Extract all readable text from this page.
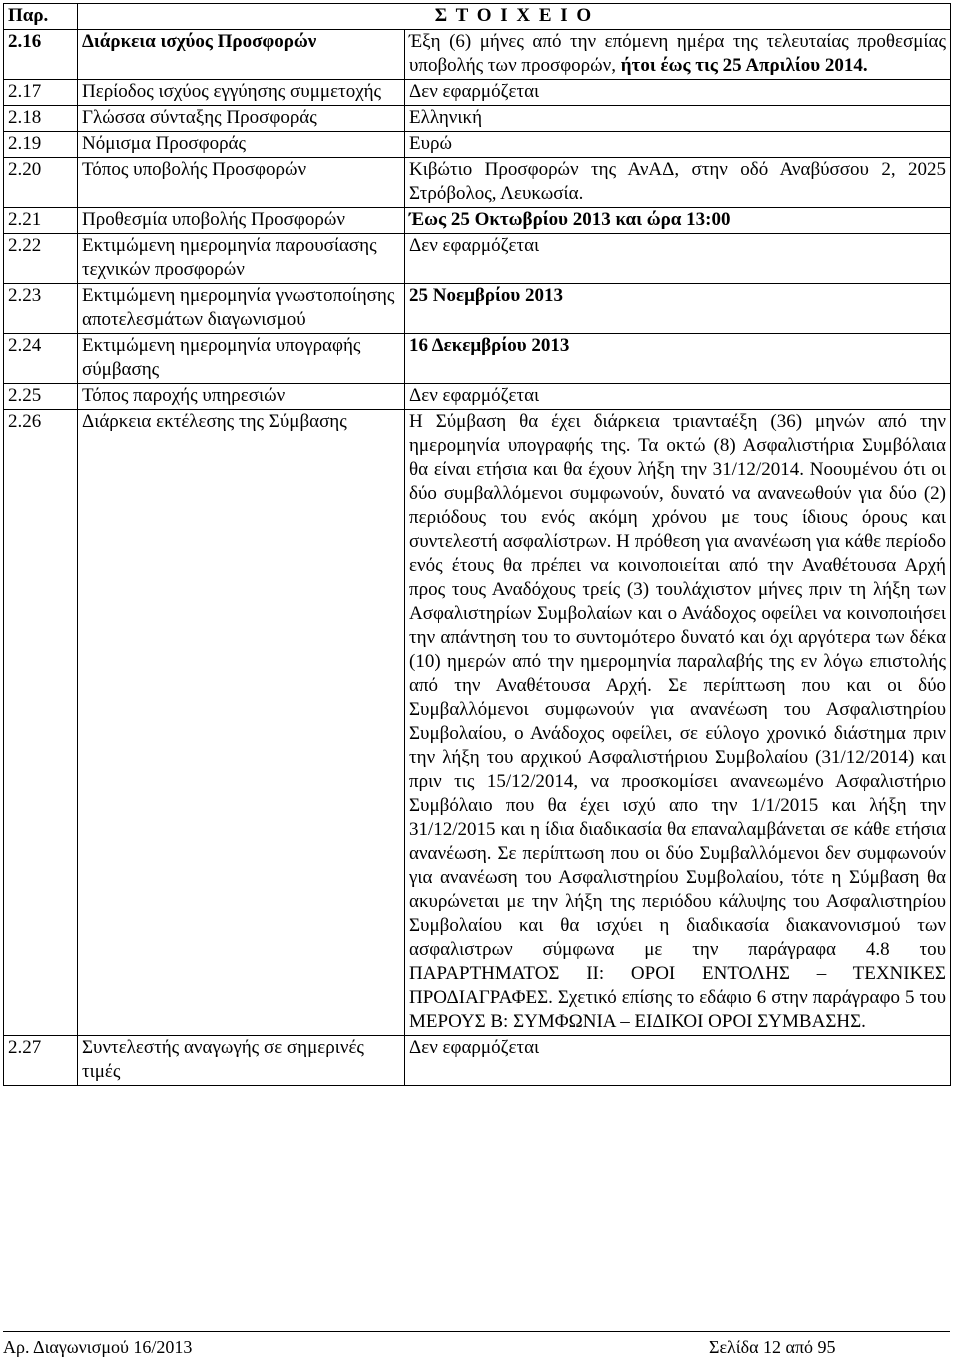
Παρ.	Σ Τ Ο Ι Χ Ε Ι Ο	
2.16	Διάρκεια ισχύος Προσφορών	Έξη (6) μήνες από την επόμενη ημέρα της τελευταίας προθεσμίας υποβολής των προσφορών, ήτοι έως τις 25 Απριλίου 2014.
2.17	Περίοδος ισχύος εγγύησης συμμετοχής	Δεν εφαρμόζεται
2.18	Γλώσσα σύνταξης Προσφοράς	Ελληνική
2.19	Νόμισμα Προσφοράς	Ευρώ
2.20	Τόπος υποβολής Προσφορών	Κιβώτιο Προσφορών της ΑνΑΔ, στην οδό Αναβύσσου 2, 2025 Στρόβολος, Λευκωσία.
2.21	Προθεσμία υποβολής Προσφορών	Έως 25 Οκτωβρίου 2013 και ώρα 13:00
2.22	Εκτιμώμενη ημερομηνία παρουσίασης τεχνικών προσφορών	Δεν εφαρμόζεται
2.23	Εκτιμώμενη ημερομηνία γνωστοποίησης αποτελεσμάτων διαγωνισμού	25 Νοεμβρίου 2013
2.24	Εκτιμώμενη ημερομηνία υπογραφής σύμβασης	16 Δεκεμβρίου 2013
2.25	Τόπος παροχής υπηρεσιών	Δεν εφαρμόζεται
2.26	Διάρκεια εκτέλεσης της Σύμβασης	Η Σύμβαση θα έχει διάρκεια τριανταέξη (36) μηνών από την ημερομηνία υπογραφής της. Τα οκτώ (8) Ασφαλιστήρια Συμβόλαια θα είναι ετήσια και θα έχουν λήξη την 31/12/2014. Νοουμένου ότι οι δύο συμβαλλόμενοι συμφωνούν, δυνατό να ανανεωθούν για δύο (2) περιόδους του ενός ακόμη χρόνου με τους ίδιους όρους και συντελεστή ασφαλίστρων. Η πρόθεση για ανανέωση για κάθε περίοδο ενός έτους θα πρέπει να κοινοποιείται από την Αναθέτουσα Αρχή προς τους Αναδόχους τρείς (3) τουλάχιστον μήνες πριν τη λήξη των Ασφαλιστηρίων Συμβολαίων και ο Ανάδοχος οφείλει να κοινοποιήσει την απάντηση του το συντομότερο δυνατό και όχι αργότερα των δέκα (10) ημερών από την ημερομηνία παραλαβής της εν λόγω επιστολής από την Αναθέτουσα Αρχή. Σε περίπτωση που και οι δύο Συμβαλλόμενοι συμφωνούν για ανανέωση του Ασφαλιστηρίου Συμβολαίου, ο Ανάδοχος οφείλει, σε εύλογο χρονικό διάστημα πριν την λήξη του αρχικού Ασφαλιστήριου Συμβολαίου (31/12/2014) και πριν τις 15/12/2014, να προσκομίσει ανανεωμένο Ασφαλιστήριο Συμβόλαιο που θα έχει ισχύ απο την 1/1/2015 και λήξη την 31/12/2015 και η ίδια διαδικασία θα επαναλαμβάνεται σε κάθε ετήσια ανανέωση. Σε περίπτωση που οι δύο Συμβαλλόμενοι δεν συμφωνούν για ανανέωση του Ασφαλιστηρίου Συμβολαίου, τότε η Σύμβαση θα ακυρώνεται με την λήξη της περιόδου κάλυψης του Ασφαλιστηρίου Συμβολαίου και θα ισχύει η διαδικασία διακανονισμού των ασφαλιστρων σύμφωνα με την παράγραφα 4.8 του ΠΑΡΑΡΤΗΜΑΤΟΣ ΙΙ: ΟΡΟΙ ΕΝΤΟΛΗΣ – ΤΕΧΝΙΚΕΣ ΠΡΟΔΙΑΓΡΑΦΕΣ. Σχετικό επίσης το εδάφιο 6 στην παράγραφο 5 του ΜΕΡΟΥΣ Β: ΣΥΜΦΩΝΙΑ – ΕΙΔΙΚΟΙ ΟΡΟΙ ΣΥΜΒΑΣΗΣ.
2.27	Συντελεστής αναγωγής σε σημερινές τιμές	Δεν εφαρμόζεται
Αρ. Διαγωνισμού 16/2013	Σελίδα 12 από 95
